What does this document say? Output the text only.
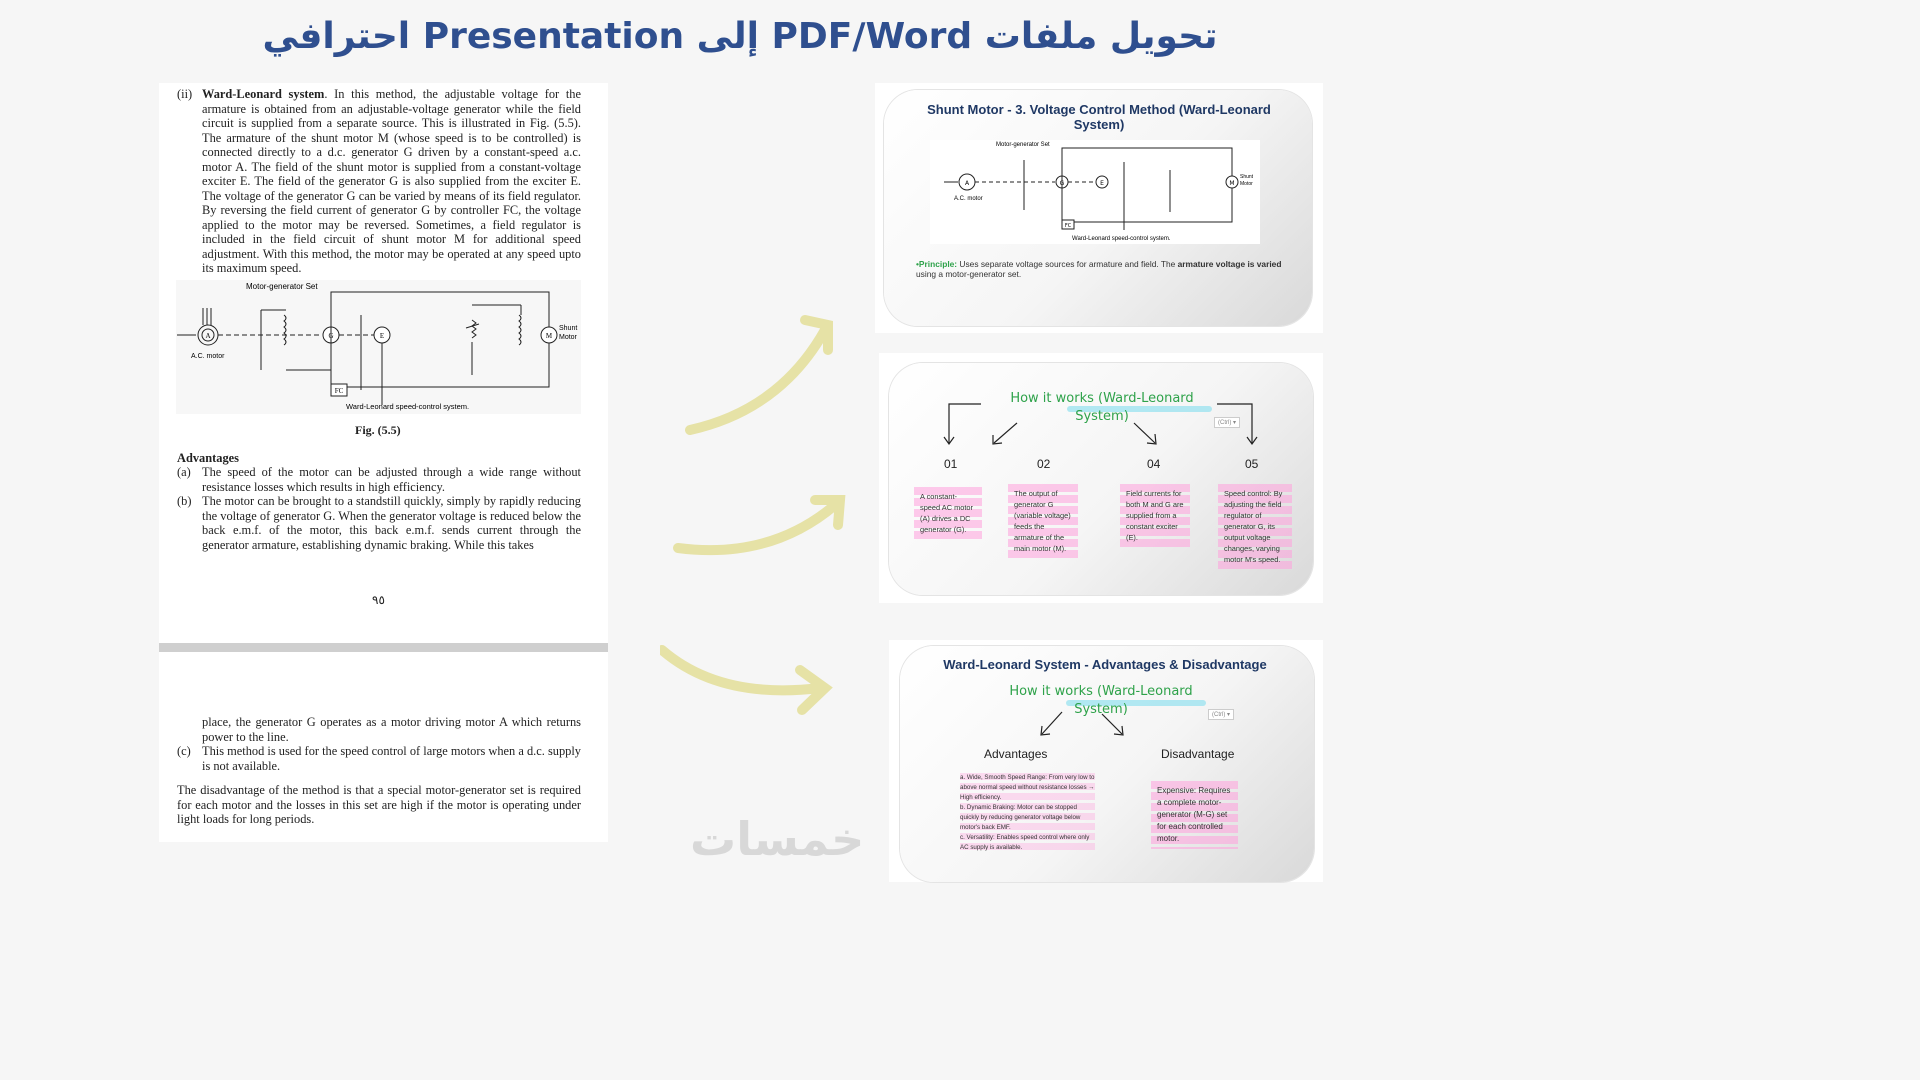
تحويل ملفات PDF/Word إلى Presentation احترافي
(ii) Ward-Leonard system. In this method, the adjustable voltage for the armature is obtained from an adjustable-voltage generator while the field circuit is supplied from a separate source. This is illustrated in Fig. (5.5). The armature of the shunt motor M (whose speed is to be controlled) is connected directly to a d.c. generator G driven by a constant-speed a.c. motor A. The field of the shunt motor is supplied from a constant-voltage exciter E. The field of the generator G is also supplied from the exciter E. The voltage of the generator G can be varied by means of its field regulator. By reversing the field current of generator G by controller FC, the voltage applied to the motor may be reversed. Sometimes, a field regulator is included in the field circuit of shunt motor M for additional speed adjustment. With this method, the motor may be operated at any speed upto its maximum speed.
Motor-generator Set
A
A.C. motor
G	E	M
Shunt
Motor
FC
Ward-Leonard speed-control system.
Fig. (5.5)
Advantages
(a) The speed of the motor can be adjusted through a wide range without resistance losses which results in high efficiency.
(b) The motor can be brought to a standstill quickly, simply by rapidly reducing the voltage of generator G. When the generator voltage is reduced below the back e.m.f. of the motor, this back e.m.f. sends current through the generator armature, establishing dynamic braking. While this takes
٩٥
place, the generator G operates as a motor driving motor A which returns power to the line.
(c) This method is used for the speed control of large motors when a d.c. supply is not available.
The disadvantage of the method is that a special motor-generator set is required for each motor and the losses in this set are high if the motor is operating under light loads for long periods.
Shunt Motor - 3. Voltage Control Method (Ward-Leonard System)
Motor-generator Set
A
A.C. motor
G	E	M
Shunt
Motor
FC
Ward-Leonard speed-control system.
•Principle: Uses separate voltage sources for armature and field. The armature voltage is varied using a motor-generator set.
How it works (Ward-Leonard System)	(Ctrl) ▾
01	02	04	05
A constant-speed AC motor (A) drives a DC generator (G).
The output of generator G (variable voltage) feeds the armature of the main motor (M).
Field currents for both M and G are supplied from a constant exciter (E).
Speed control: By adjusting the field regulator of generator G, its output voltage changes, varying motor M's speed.
Ward-Leonard System - Advantages & Disadvantage
How it works (Ward-Leonard System)	(Ctrl) ▾
Advantages	Disadvantage
a. Wide, Smooth Speed Range: From very low to above normal speed without resistance losses → High efficiency.
b. Dynamic Braking: Motor can be stopped quickly by reducing generator voltage below motor's back EMF.
c. Versatility: Enables speed control where only AC supply is available.
Expensive: Requires a complete motor-generator (M-G) set for each controlled motor.
خمسات
